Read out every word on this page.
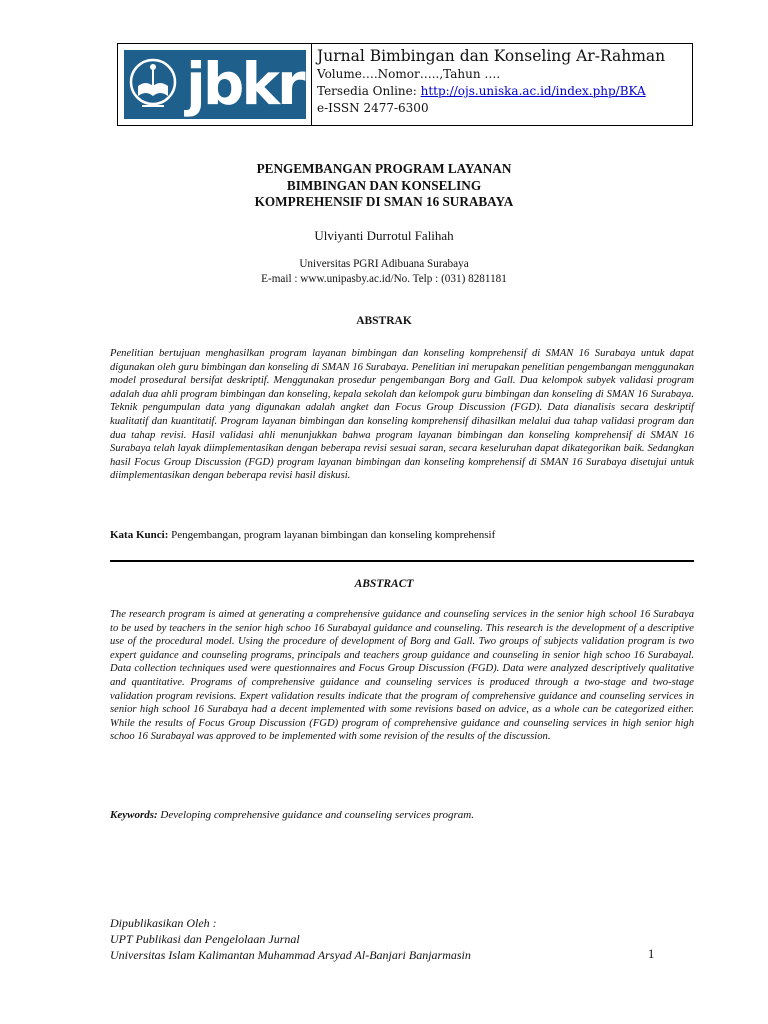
jbkr Jurnal Bimbingan dan Konseling Ar-Rahman
Volume….Nomor…..,Tahun ….
Tersedia Online: http://ojs.uniska.ac.id/index.php/BKA
e-ISSN 2477-6300
PENGEMBANGAN PROGRAM LAYANAN
BIMBINGAN DAN KONSELING
KOMPREHENSIF DI SMAN 16 SURABAYA
Ulviyanti Durrotul Falihah
Universitas PGRI Adibuana Surabaya
E-mail : www.unipasby.ac.id/No. Telp : (031) 8281181
ABSTRAK
Penelitian bertujuan menghasilkan program layanan bimbingan dan konseling komprehensif di SMAN 16 Surabaya untuk dapat digunakan oleh guru bimbingan dan konseling di SMAN 16 Surabaya. Penelitian ini merupakan penelitian pengembangan menggunakan model prosedural bersifat deskriptif. Menggunakan prosedur pengembangan Borg and Gall. Dua kelompok subyek validasi program adalah dua ahli program bimbingan dan konseling, kepala sekolah dan kelompok guru bimbingan dan konseling di SMAN 16 Surabaya. Teknik pengumpulan data yang digunakan adalah angket dan Focus Group Discussion (FGD). Data dianalisis secara deskriptif kualitatif dan kuantitatif. Program layanan bimbingan dan konseling komprehensif dihasilkan melalui dua tahap validasi program dan dua tahap revisi. Hasil validasi ahli menunjukkan bahwa program layanan bimbingan dan konseling komprehensif di SMAN 16 Surabaya telah layak diimplementasikan dengan beberapa revisi sesuai saran, secara keseluruhan dapat dikategorikan baik. Sedangkan hasil Focus Group Discussion (FGD) program layanan bimbingan dan konseling komprehensif di SMAN 16 Surabaya disetujui untuk diimplementasikan dengan beberapa revisi hasil diskusi.
Kata Kunci: Pengembangan, program layanan bimbingan dan konseling komprehensif
ABSTRACT
The research program is aimed at generating a comprehensive guidance and counseling services in the senior high school 16 Surabaya to be used by teachers in the senior high schoo 16 Surabayal guidance and counseling. This research is the development of a descriptive use of the procedural model. Using the procedure of development of Borg and Gall. Two groups of subjects validation program is two expert guidance and counseling programs, principals and teachers group guidance and counseling in senior high schoo 16 Surabayal. Data collection techniques used were questionnaires and Focus Group Discussion (FGD). Data were analyzed descriptively qualitative and quantitative. Programs of comprehensive guidance and counseling services is produced through a two-stage and two-stage validation program revisions. Expert validation results indicate that the program of comprehensive guidance and counseling services in senior high school 16 Surabaya had a decent implemented with some revisions based on advice, as a whole can be categorized either. While the results of Focus Group Discussion (FGD) program of comprehensive guidance and counseling services in high senior high schoo 16 Surabayal was approved to be implemented with some revision of the results of the discussion.
Keywords: Developing comprehensive guidance and counseling services program.
Dipublikasikan Oleh :
UPT Publikasi dan Pengelolaan Jurnal
Universitas Islam Kalimantan Muhammad Arsyad Al-Banjari Banjarmasin	1
